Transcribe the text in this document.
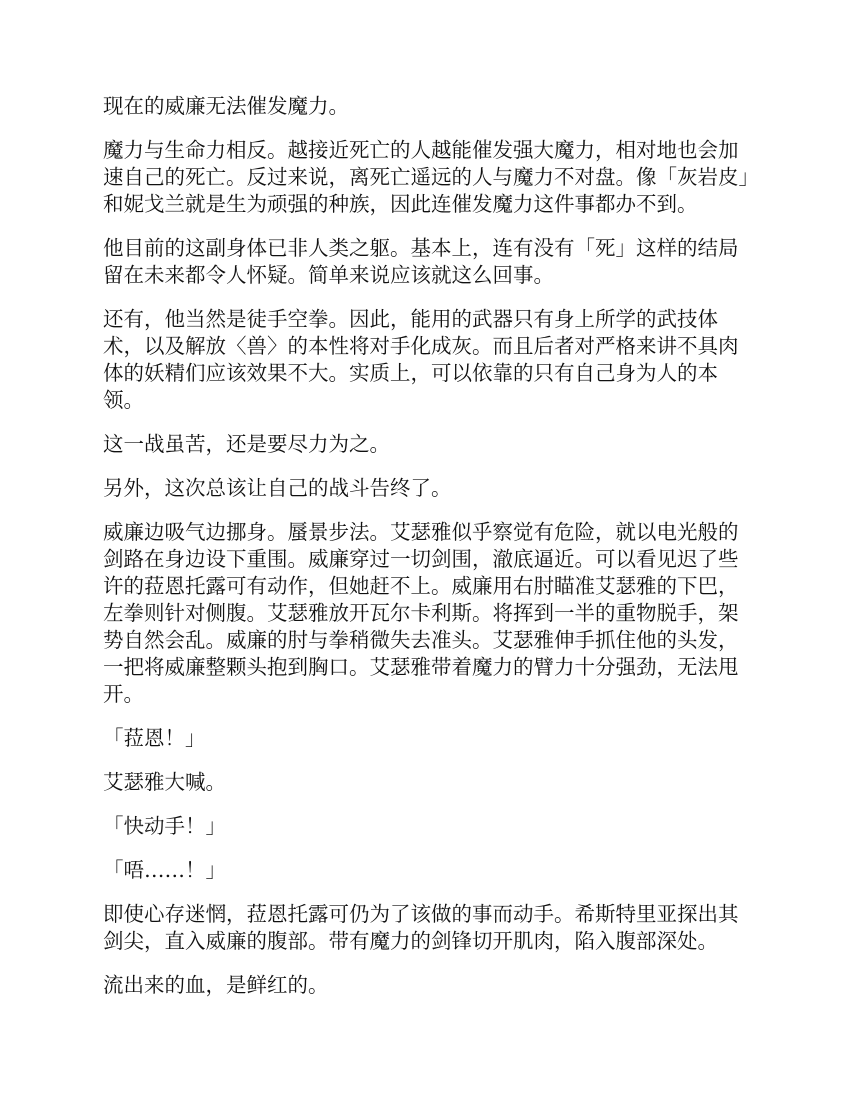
现在的威廉无法催发魔力。

魔力与生命力相反。越接近死亡的人越能催发强大魔力，相对地也会加速自己的死亡。反过来说，离死亡遥远的人与魔力不对盘。像「灰岩皮」和妮戈兰就是生为顽强的种族，因此连催发魔力这件事都办不到。

他目前的这副身体已非人类之躯。基本上，连有没有「死」这样的结局留在未来都令人怀疑。简单来说应该就这么回事。

还有，他当然是徒手空拳。因此，能用的武器只有身上所学的武技体术，以及解放〈兽〉的本性将对手化成灰。而且后者对严格来讲不具肉体的妖精们应该效果不大。实质上，可以依靠的只有自己身为人的本领。

这一战虽苦，还是要尽力为之。

另外，这次总该让自己的战斗告终了。

威廉边吸气边挪身。蜃景步法。艾瑟雅似乎察觉有危险，就以电光般的剑路在身边设下重围。威廉穿过一切剑围，澈底逼近。可以看见迟了些许的菈恩托露可有动作，但她赶不上。威廉用右肘瞄准艾瑟雅的下巴，左拳则针对侧腹。艾瑟雅放开瓦尔卡利斯。将挥到一半的重物脱手，架势自然会乱。威廉的肘与拳稍微失去准头。艾瑟雅伸手抓住他的头发，一把将威廉整颗头抱到胸口。艾瑟雅带着魔力的臂力十分强劲，无法甩开。

「菈恩！」

艾瑟雅大喊。

「快动手！」

「唔……！」

即使心存迷惘，菈恩托露可仍为了该做的事而动手。希斯特里亚探出其剑尖，直入威廉的腹部。带有魔力的剑锋切开肌肉，陷入腹部深处。

流出来的血，是鲜红的。
